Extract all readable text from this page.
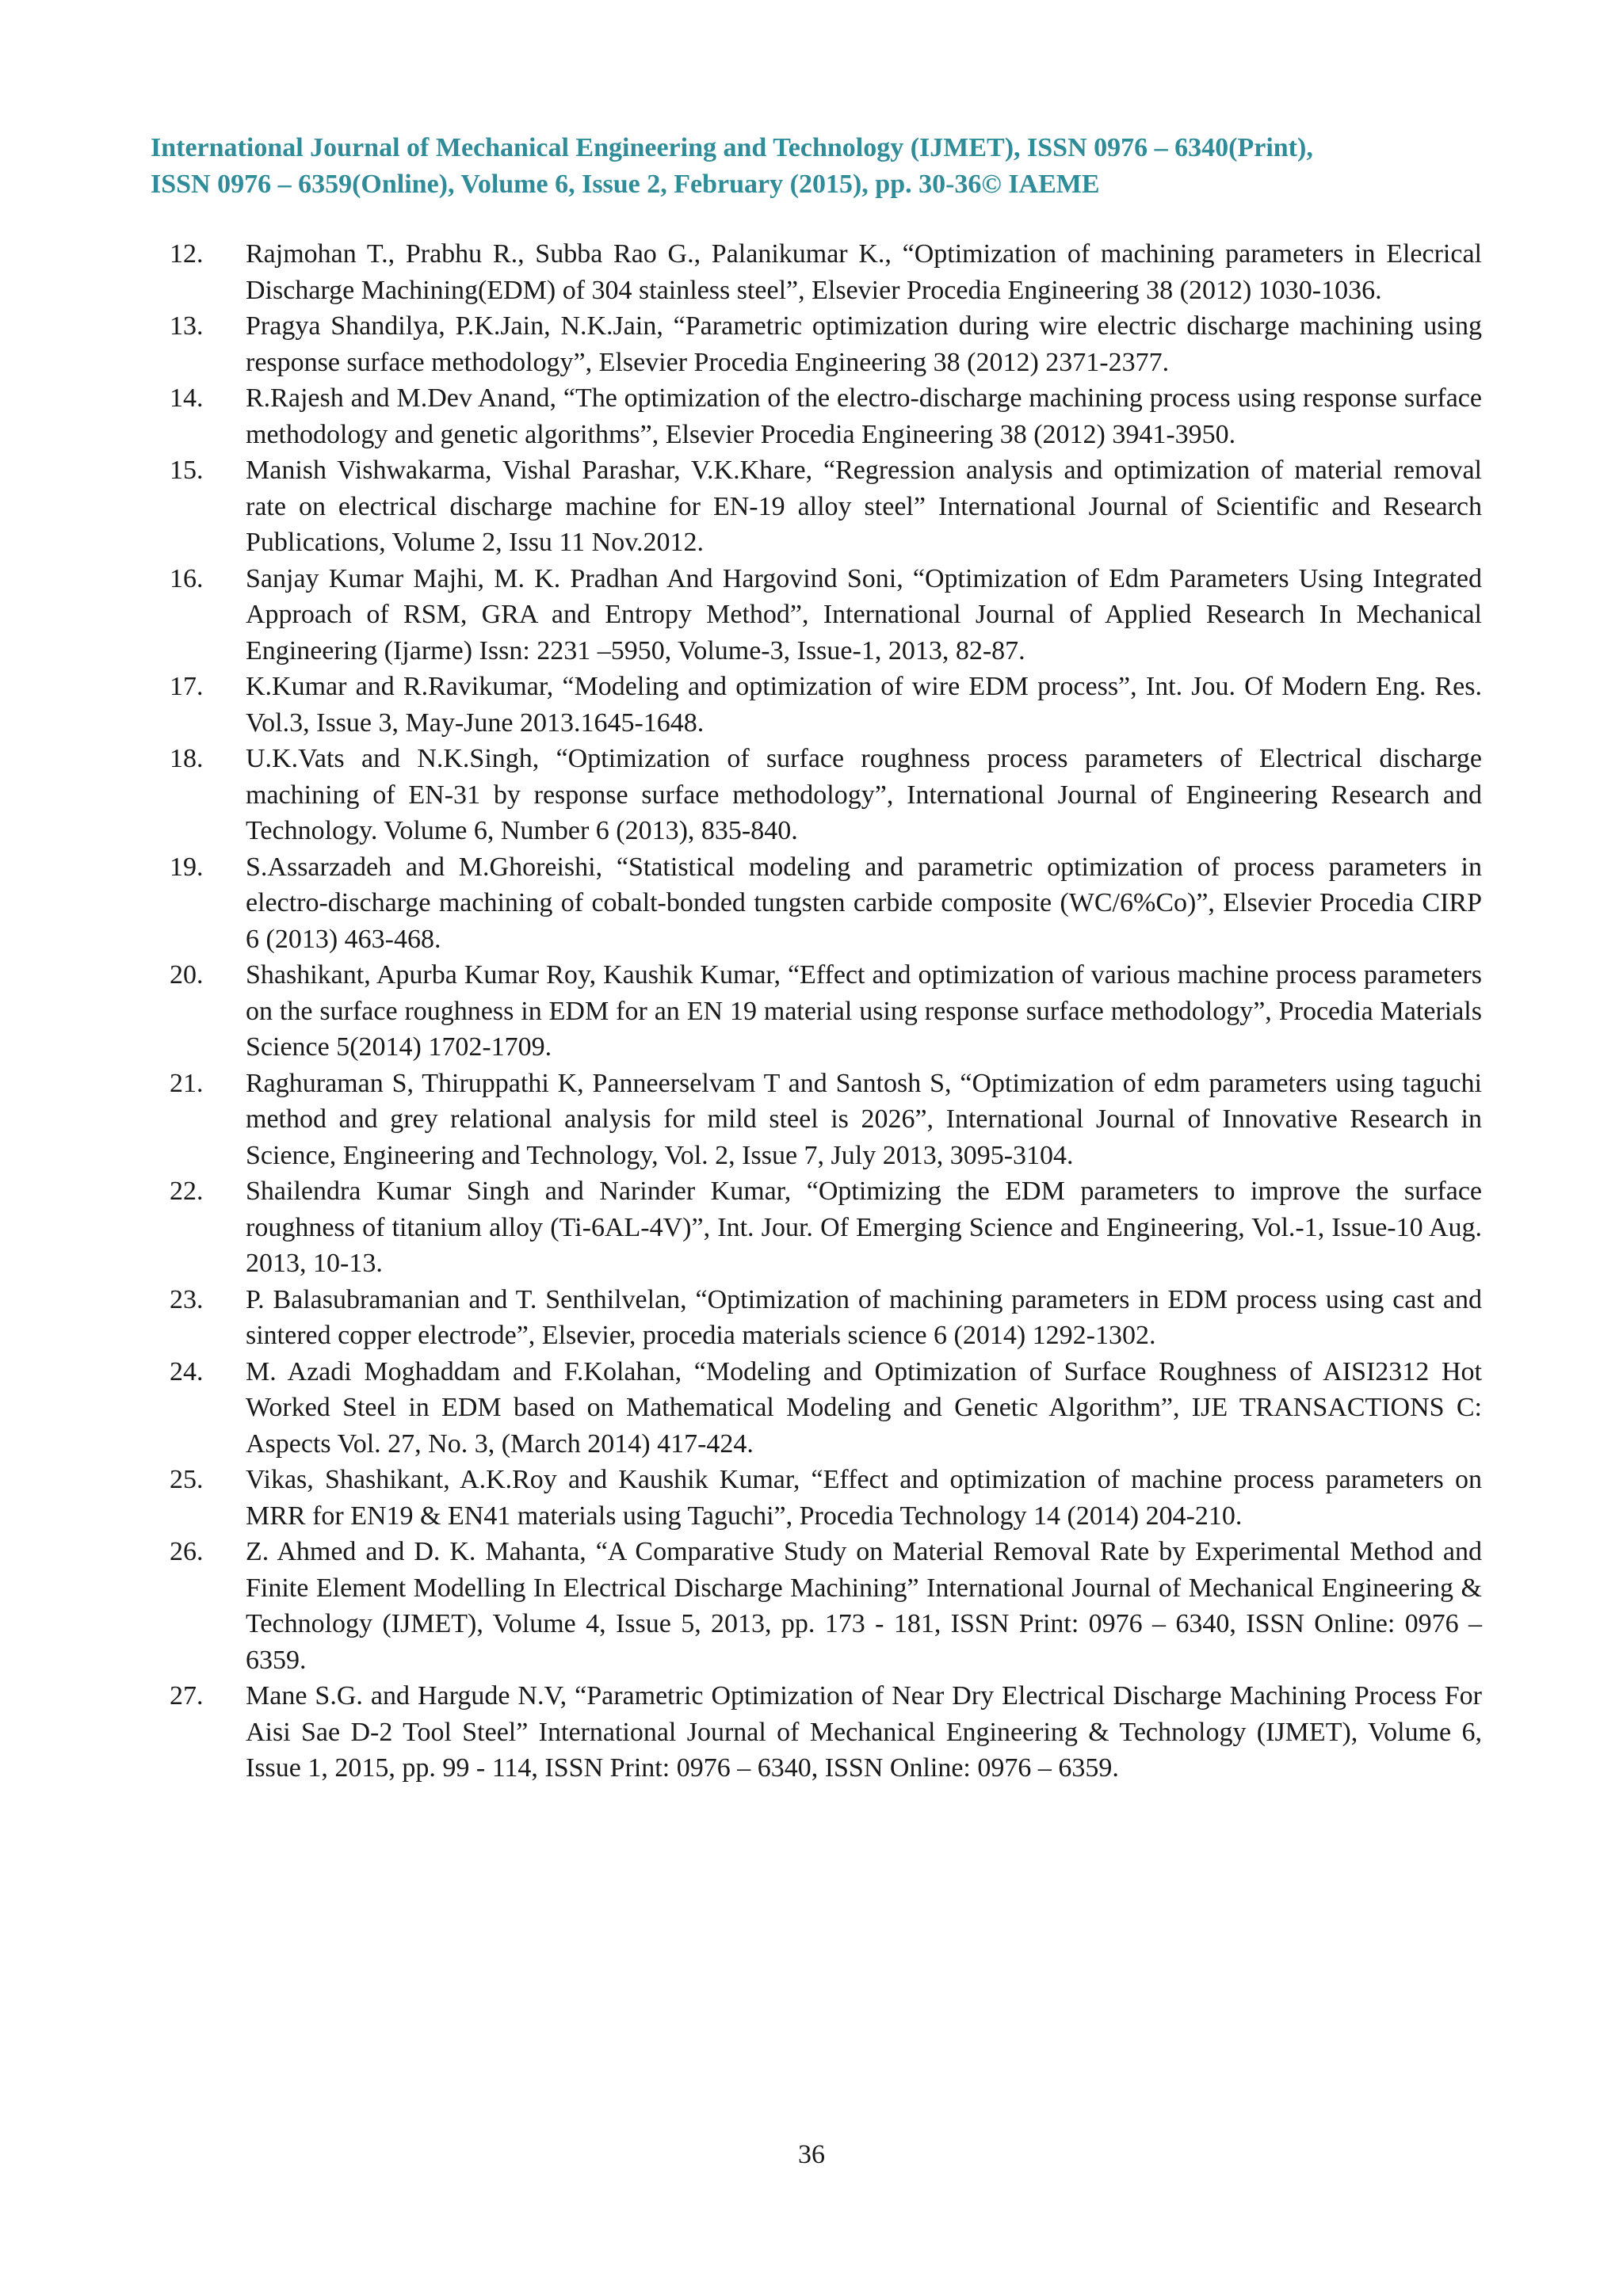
International Journal of Mechanical Engineering and Technology (IJMET), ISSN 0976 – 6340(Print),
ISSN 0976 – 6359(Online), Volume 6, Issue 2, February (2015), pp. 30-36© IAEME
12. Rajmohan T., Prabhu R., Subba Rao G., Palanikumar K., “Optimization of machining parameters in Elecrical Discharge Machining(EDM) of 304 stainless steel”, Elsevier Procedia Engineering 38 (2012) 1030-1036.
13. Pragya Shandilya, P.K.Jain, N.K.Jain, “Parametric optimization during wire electric discharge machining using response surface methodology”, Elsevier Procedia Engineering 38 (2012) 2371-2377.
14. R.Rajesh and M.Dev Anand, “The optimization of the electro-discharge machining process using response surface methodology and genetic algorithms”, Elsevier Procedia Engineering 38 (2012) 3941-3950.
15. Manish Vishwakarma, Vishal Parashar, V.K.Khare, “Regression analysis and optimization of material removal rate on electrical discharge machine for EN-19 alloy steel” International Journal of Scientific and Research Publications, Volume 2, Issu 11 Nov.2012.
16. Sanjay Kumar Majhi, M. K. Pradhan And Hargovind Soni, “Optimization of Edm Parameters Using Integrated Approach of RSM, GRA and Entropy Method”, International Journal of Applied Research In Mechanical Engineering (Ijarme) Issn: 2231 –5950, Volume-3, Issue-1, 2013, 82-87.
17. K.Kumar and R.Ravikumar, “Modeling and optimization of wire EDM process”, Int. Jou. Of Modern Eng. Res. Vol.3, Issue 3, May-June 2013.1645-1648.
18. U.K.Vats and N.K.Singh, “Optimization of surface roughness process parameters of Electrical discharge machining of EN-31 by response surface methodology”, International Journal of Engineering Research and Technology. Volume 6, Number 6 (2013), 835-840.
19. S.Assarzadeh and M.Ghoreishi, “Statistical modeling and parametric optimization of process parameters in electro-discharge machining of cobalt-bonded tungsten carbide composite (WC/6%Co)”, Elsevier Procedia CIRP 6 (2013) 463-468.
20. Shashikant, Apurba Kumar Roy, Kaushik Kumar, “Effect and optimization of various machine process parameters on the surface roughness in EDM for an EN 19 material using response surface methodology”, Procedia Materials Science 5(2014) 1702-1709.
21. Raghuraman S, Thiruppathi K, Panneerselvam T and Santosh S, “Optimization of edm parameters using taguchi method and grey relational analysis for mild steel is 2026”, International Journal of Innovative Research in Science, Engineering and Technology, Vol. 2, Issue 7, July 2013, 3095-3104.
22. Shailendra Kumar Singh and Narinder Kumar, “Optimizing the EDM parameters to improve the surface roughness of titanium alloy (Ti-6AL-4V)”, Int. Jour. Of Emerging Science and Engineering, Vol.-1, Issue-10 Aug. 2013, 10-13.
23. P. Balasubramanian and T. Senthilvelan, “Optimization of machining parameters in EDM process using cast and sintered copper electrode”, Elsevier, procedia materials science 6 (2014) 1292-1302.
24. M. Azadi Moghaddam and F.Kolahan, “Modeling and Optimization of Surface Roughness of AISI2312 Hot Worked Steel in EDM based on Mathematical Modeling and Genetic Algorithm”, IJE TRANSACTIONS C: Aspects Vol. 27, No. 3, (March 2014) 417-424.
25. Vikas, Shashikant, A.K.Roy and Kaushik Kumar, “Effect and optimization of machine process parameters on MRR for EN19 & EN41 materials using Taguchi”, Procedia Technology 14 (2014) 204-210.
26. Z. Ahmed and D. K. Mahanta, “A Comparative Study on Material Removal Rate by Experimental Method and Finite Element Modelling In Electrical Discharge Machining” International Journal of Mechanical Engineering & Technology (IJMET), Volume 4, Issue 5, 2013, pp. 173 - 181, ISSN Print: 0976 – 6340, ISSN Online: 0976 – 6359.
27. Mane S.G. and Hargude N.V, “Parametric Optimization of Near Dry Electrical Discharge Machining Process For Aisi Sae D-2 Tool Steel” International Journal of Mechanical Engineering & Technology (IJMET), Volume 6, Issue 1, 2015, pp. 99 - 114, ISSN Print: 0976 – 6340, ISSN Online: 0976 – 6359.
36
